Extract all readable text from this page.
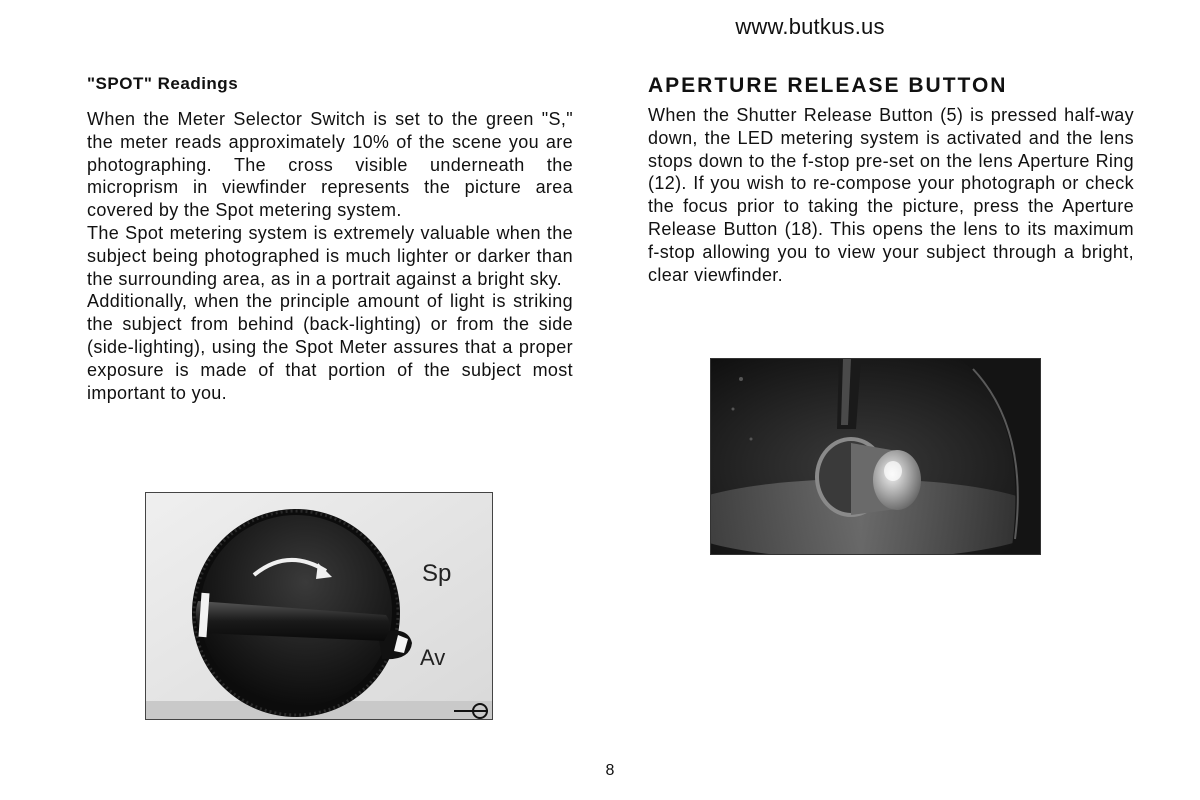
www.butkus.us
"SPOT" Readings

When the Meter Selector Switch is set to the green "S," the meter reads approximately 10% of the scene you are photographing. The cross visible underneath the microprism in viewfinder represents the picture area covered by the Spot metering system.

The Spot metering system is extremely valuable when the subject being photographed is much lighter or darker than the surrounding area, as in a portrait against a bright sky.

Additionally, when the principle amount of light is striking the subject from behind (back-lighting) or from the side (side-lighting), using the Spot Meter assures that a proper exposure is made of that portion of the subject most important to you.

APERTURE RELEASE BUTTON

When the Shutter Release Button (5) is pressed half-way down, the LED metering system is activated and the lens stops down to the f-stop pre-set on the lens Aperture Ring (12). If you wish to re-compose your photograph or check the focus prior to taking the picture, press the Aperture Release Button (18). This opens the lens to its maximum f-stop allowing you to view your subject through a bright, clear viewfinder.

Sp
Av
8
